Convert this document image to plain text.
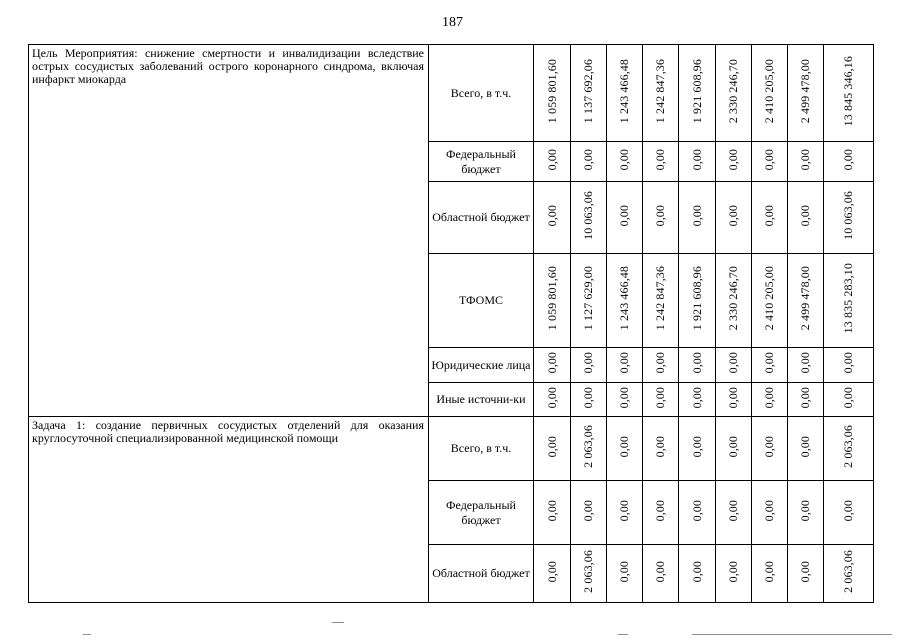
187
Цель Мероприятия: снижение смертности и инвалидизации вследствие острых сосудистых заболеваний острого коронарного синдрома, включая инфаркт миокарда	Всего, в т.ч.	1 059 801,60	1 137 692,06	1 243 466,48	1 242 847,36	1 921 608,96	2 330 246,70	2 410 205,00	2 499 478,00	13 845 346,16

	Федеральный бюджет	0,00	0,00	0,00	0,00	0,00	0,00	0,00	0,00	0,00

	Областной бюджет	0,00	10 063,06	0,00	0,00	0,00	0,00	0,00	0,00	10 063,06

	ТФОМС	1 059 801,60	1 127 629,00	1 243 466,48	1 242 847,36	1 921 608,96	2 330 246,70	2 410 205,00	2 499 478,00	13 835 283,10

	Юридические лица	0,00	0,00	0,00	0,00	0,00	0,00	0,00	0,00	0,00

	Иные источни-ки	0,00	0,00	0,00	0,00	0,00	0,00	0,00	0,00	0,00
Задача 1: создание первичных сосудистых отделений для оказания круглосуточной специализированной медицинской помощи	Всего, в т.ч.	0,00	2 063,06	0,00	0,00	0,00	0,00	0,00	0,00	2 063,06

	Федеральный бюджет	0,00	0,00	0,00	0,00	0,00	0,00	0,00	0,00	0,00

	Областной бюджет	0,00	2 063,06	0,00	0,00	0,00	0,00	0,00	0,00	2 063,06
